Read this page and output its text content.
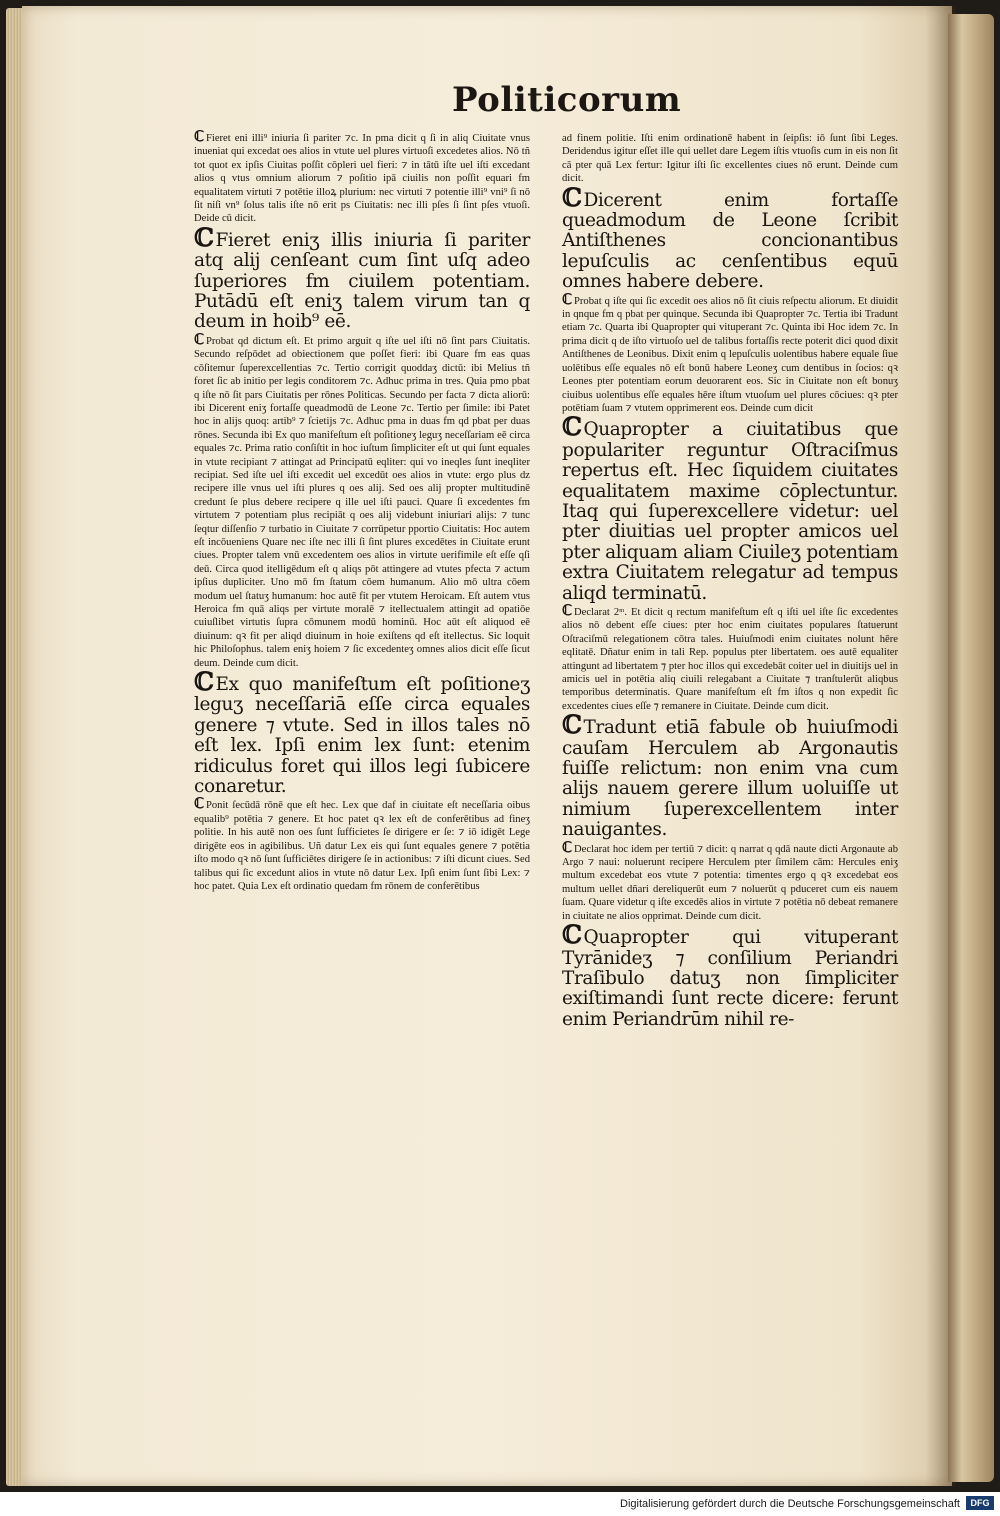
Politicorum
ℂ Fieret eni illi⁹ iniuria ſi pariter ⁊c. In pma dicit q ſi in aliq Ciuitate vnus inueniat qui excedat oes alios in vtute uel plures virtuoſi excedetes alios. Nō tñ tot quot ex ipſis Ciuitas poſſit cōpleri uel fieri: ⁊ in tātū iſte uel iſti excedant alios q vtus omnium aliorum ⁊ poſitio ipā ciuilis non poſſit equari fm equalitatem virtuti ⁊ potētie illoꝝ plurium: nec virtuti ⁊ potentie illi⁹ vni⁹ ſi nō ſit niſi vn⁹ ſolus talis iſte nō erit ps Ciuitatis: nec illi pſes ſi ſint pſes vtuoſi. Deide cū dicit.
ℂ Fieret eniʒ illis iniuria ſi pariter atq alij cenſeant cum ſint uſq adeo ſuperiores fm ciuilem potentiam. Putādū eſt eniʒ talem virum tan q deum in hoib⁹ eē.
ℂ Probat qd dictum eſt. Et primo arguit q iſte uel iſti nō ſint pars Ciuitatis. Secundo reſpōdet ad obiectionem que poſſet fieri: ibi Quare fm eas quas cōſitemur ſuperexcellentias ⁊c. Tertio corrigit quoddaʒ dictū: ibi Melius tñ foret ſic ab initio per legis conditorem ⁊c. Adhuc prima in tres. Quia pmo pbat q iſte nō ſit pars Ciuitatis per rōnes Politicas. Secundo per facta ⁊ dicta aliorū: ibi Dicerent eniʒ fortaſſe queadmodū de Leone ⁊c. Tertio per ſimile: ibi Patet hoc in alijs quoq: artib⁹ ⁊ ſcietijs ⁊c. Adhuc pma in duas fm qd pbat per duas rōnes. Secunda ibi Ex quo manifeſtum eſt poſitioneʒ leguʒ neceſſariam eē circa equales ⁊c. Prima ratio conſiſtit in hoc iuſtum ſimpliciter eſt ut qui ſunt equales in vtute recipiant ⁊ attingat ad Principatū eqliter: qui vo ineqles ſunt ineqliter recipiat. Sed iſte uel iſti excedit uel excedūt oes alios in vtute: ergo plus dz recipere ille vnus uel iſti plures q oes alij. Sed oes alij propter multitudinē credunt ſe plus debere recipere q ille uel iſti pauci. Quare ſi excedentes fm virtutem ⁊ potentiam plus recipiāt q oes alij videbunt iniuriari alijs: ⁊ tunc ſeqtur diſſenſio ⁊ turbatio in Ciuitate ⁊ corrūpetur pportio Ciuitatis: Hoc autem eſt incōueniens Quare nec iſte nec illi ſi ſint plures excedētes in Ciuitate erunt ciues. Propter talem vnū excedentem oes alios in virtute uerifimile eſt eſſe qſi deū. Circa quod itelligēdum eſt q aliqs pōt attingere ad vtutes pfecta ⁊ actum ipſius dupliciter. Uno mō fm ſtatum cōem humanum. Alio mō ultra cōem modum uel ſtatuʒ humanum: hoc autē fit per vtutem Heroicam. Eſt autem vtus Heroica fm quā aliqs per virtute moralē ⁊ itellectualem attingit ad opatiōe cuiuſlibet virtutis ſupra cōmunem modū hominū. Hoc aūt eſt aliquod eē diuinum: qꝛ fit per aliqd diuinum in hoie exiſtens qd eſt itellectus. Sic loquit hic Philoſophus. talem eniʒ hoiem ⁊ ſic excedenteʒ omnes alios dicit eſſe ſicut deum. Deinde cum dicit.
ℂ Ex quo manifeſtum eſt poſitioneʒ leguʒ neceſſariā eſſe circa equales genere ⁊ vtute. Sed in illos tales nō eſt lex. Ipſi enim lex ſunt: etenim ridiculus foret qui illos legi ſubicere conaretur.
ℂ Ponit ſecūdā rōnē que eſt hec. Lex que daf in ciuitate eſt neceſſaria oibus equalib⁹ potētia ⁊ genere. Et hoc patet qꝛ lex eſt de conferētibus ad fineʒ politie. In his autē non oes ſunt ſufficietes ſe dirigere er ſe: ⁊ iō idigēt Lege dirigēte eos in agibilibus. Uñ datur Lex eis qui ſunt equales genere ⁊ potētia iſto modo qꝛ nō ſunt ſufficiētes dirigere ſe in actionibus: ⁊ iſti dicunt ciues. Sed talibus qui ſic excedunt alios in vtute nō datur Lex. Ipſi enim ſunt ſibi Lex: ⁊ hoc patet. Quia Lex eſt ordinatio quedam fm rōnem de conferētibus
ad finem politie. Iſti enim ordinationē habent in ſeipſis: iō ſunt ſibi Leges. Deridendus igitur eſſet ille qui uellet dare Legem iſtis vtuoſis cum in eis non ſit cā pter quā Lex fertur: Igitur iſti ſic excellentes ciues nō erunt. Deinde cum dicit.
ℂ Dicerent enim fortaſſe queadmodum de Leone ſcribit Antiſthenes concionantibus lepuſculis ac cenſentibus equū omnes habere debere.
ℂ Probat q iſte qui ſic excedit oes alios nō ſit ciuis reſpectu aliorum. Et diuidit in qnque fm q pbat per quinque. Secunda ibi Quapropter ⁊c. Tertia ibi Tradunt etiam ⁊c. Quarta ibi Quapropter qui vituperant ⁊c. Quinta ibi Hoc idem ⁊c. In prima dicit q de iſto virtuoſo uel de talibus fortaſſis recte poterit dici quod dixit Antiſthenes de Leonibus. Dixit enim q lepuſculis uolentibus habere equale ſiue uolētibus eſſe equales nō eſt bonū habere Leoneʒ cum dentibus in ſocios: qꝛ Leones pter potentiam eorum deuorarent eos. Sic in Ciuitate non eſt bonuʒ ciuibus uolentibus eſſe equales hēre iſtum vtuoſum uel plures cōciues: qꝛ pter potētiam ſuam ⁊ vtutem opprimerent eos. Deinde cum dicit
ℂ Quapropter a ciuitatibus que populariter reguntur Oſtraciſmus repertus eſt. Hec ſiquidem ciuitates equalitatem maxime cōplectuntur. Itaq qui ſuperexcellere videtur: uel pter diuitias uel propter amicos uel pter aliquam aliam Ciuileʒ potentiam extra Ciuitatem relegatur ad tempus aliqd terminatū.
ℂ Declarat 2ᵐ. Et dicit q rectum manifeſtum eſt q iſti uel iſte ſic excedentes alios nō debent eſſe ciues: pter hoc enim ciuitates populares ſtatuerunt Oſtraciſmū relegationem cōtra tales. Huiuſmodi enim ciuitates nolunt hēre eqlitatē. Dñatur enim in tali Rep. populus pter libertatem. oes autē equaliter attingunt ad libertatem ⁊ pter hoc illos qui excedebāt coiter uel in diuitijs uel in amicis uel in potētia aliq ciuili relegabant a Ciuitate ⁊ tranſtulerūt aliqbus temporibus determinatis. Quare manifeſtum eſt fm iſtos q non expedit ſic excedentes ciues eſſe ⁊ remanere in Ciuitate. Deinde cum dicit.
ℂ Tradunt etiā fabule ob huiuſmodi cauſam Herculem ab Argonautis fuiſſe relictum: non enim vna cum alijs nauem gerere illum uoluiſſe ut nimium ſuperexcellentem inter nauigantes.
ℂ Declarat hoc idem per tertiū ⁊ dicit: q narrat q qdā naute dicti Argonaute ab Argo ⁊ naui: noluerunt recipere Herculem pter ſimilem cām: Hercules eniʒ multum excedebat eos vtute ⁊ potentia: timentes ergo q qꝛ excedebat eos multum uellet dñari dereliquerūt eum ⁊ noluerūt q pduceret cum eis nauem ſuam. Quare videtur q iſte excedēs alios in virtute ⁊ potētia nō debeat remanere in ciuitate ne alios opprimat. Deinde cum dicit.
ℂ Quapropter qui vituperant Tyrānideʒ ⁊ conſilium Periandri Traſibulo datuʒ non ſimpliciter exiſtimandi ſunt recte dicere: ferunt enim Periandrūm nihil re-
Digitalisierung gefördert durch die Deutsche Forschungsgemeinschaft	DFG
